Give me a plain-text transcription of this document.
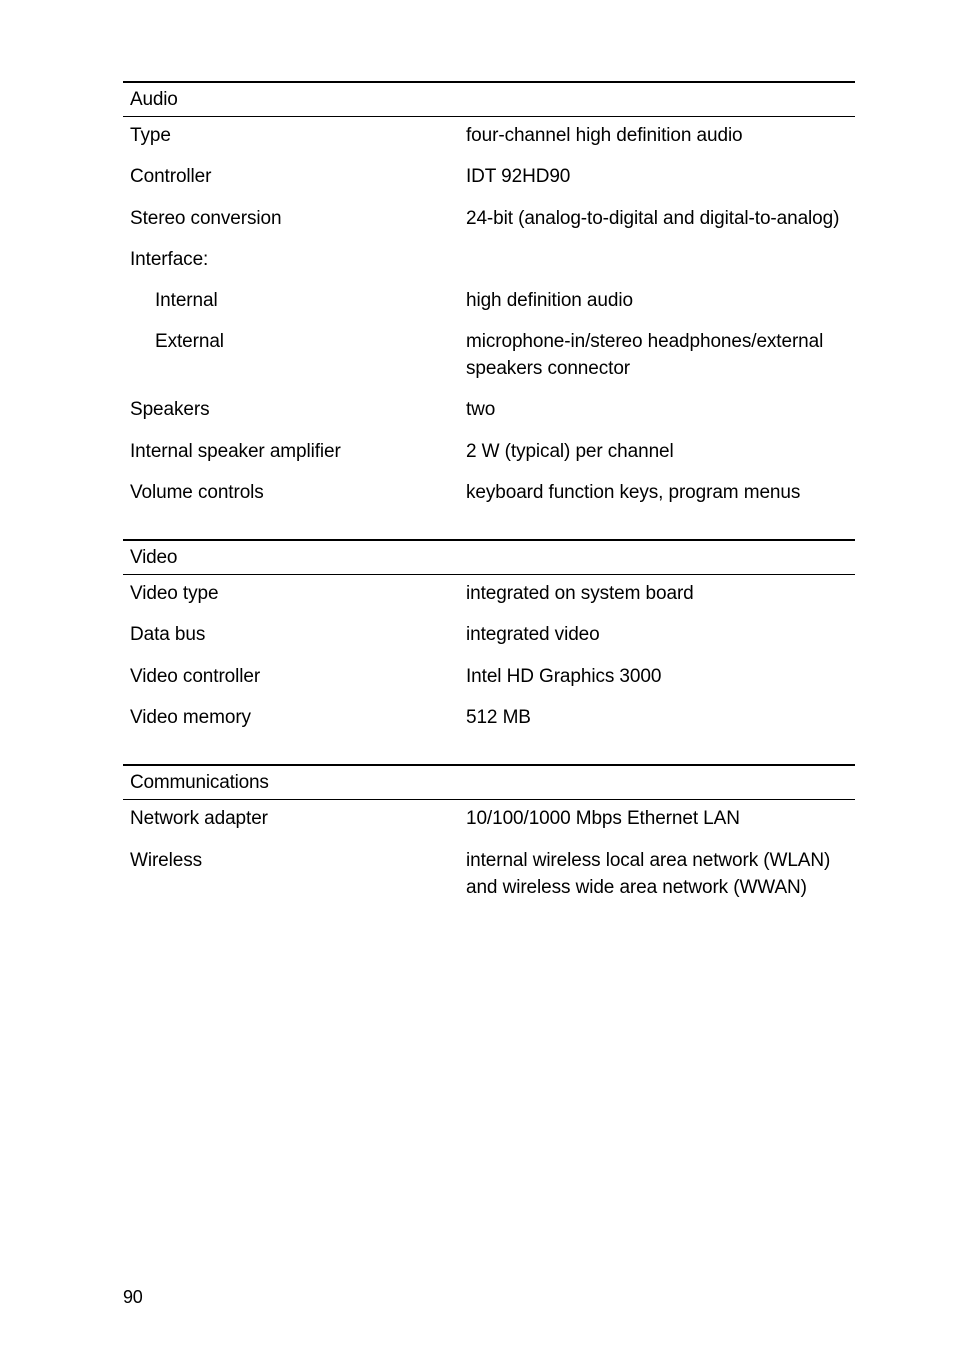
Audio
Type	four-channel high definition audio
Controller	IDT 92HD90
Stereo conversion	24-bit (analog-to-digital and digital-to-analog)
Interface:
Internal	high definition audio
External	microphone-in/stereo headphones/external speakers connector
Speakers	two
Internal speaker amplifier	2 W (typical) per channel
Volume controls	keyboard function keys, program menus
Video
Video type	integrated on system board
Data bus	integrated video
Video controller	Intel HD Graphics 3000
Video memory	512 MB
Communications
Network adapter	10/100/1000 Mbps Ethernet LAN
Wireless	internal wireless local area network (WLAN) and wireless wide area network (WWAN)
90
